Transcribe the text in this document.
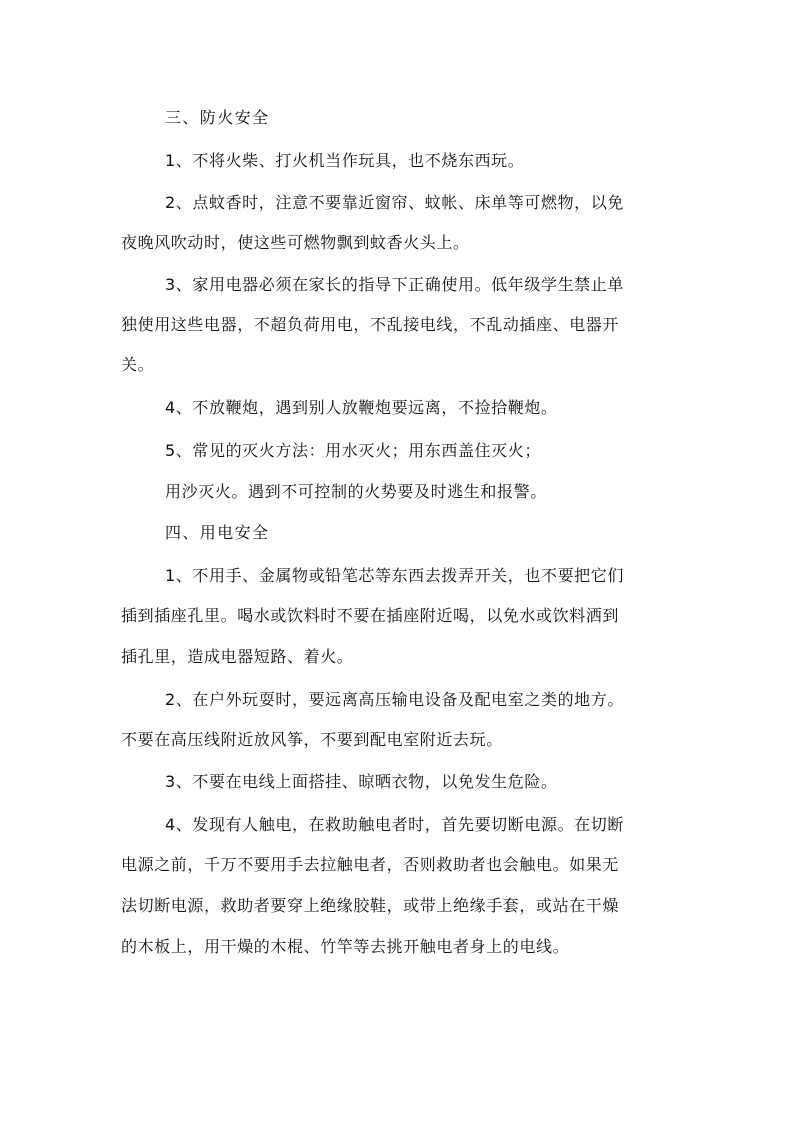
三、防火安全
1、不将火柴、打火机当作玩具，也不烧东西玩。
2、点蚊香时，注意不要靠近窗帘、蚊帐、床单等可燃物，以免
夜晚风吹动时，使这些可燃物飘到蚊香火头上。
3、家用电器必须在家长的指导下正确使用。低年级学生禁止单
独使用这些电器，不超负荷用电，不乱接电线，不乱动插座、电器开
关。
4、不放鞭炮，遇到别人放鞭炮要远离，不捡拾鞭炮。
5、常见的灭火方法：用水灭火；用东西盖住灭火；
用沙灭火。遇到不可控制的火势要及时逃生和报警。
四、用电安全
1、不用手、金属物或铅笔芯等东西去拨弄开关，也不要把它们
插到插座孔里。喝水或饮料时不要在插座附近喝，以免水或饮料洒到
插孔里，造成电器短路、着火。
2、在户外玩耍时，要远离高压输电设备及配电室之类的地方。
不要在高压线附近放风筝，不要到配电室附近去玩。
3、不要在电线上面搭挂、晾晒衣物，以免发生危险。
4、发现有人触电，在救助触电者时，首先要切断电源。在切断
电源之前，千万不要用手去拉触电者，否则救助者也会触电。如果无
法切断电源，救助者要穿上绝缘胶鞋，或带上绝缘手套，或站在干燥
的木板上，用干燥的木棍、竹竿等去挑开触电者身上的电线。
